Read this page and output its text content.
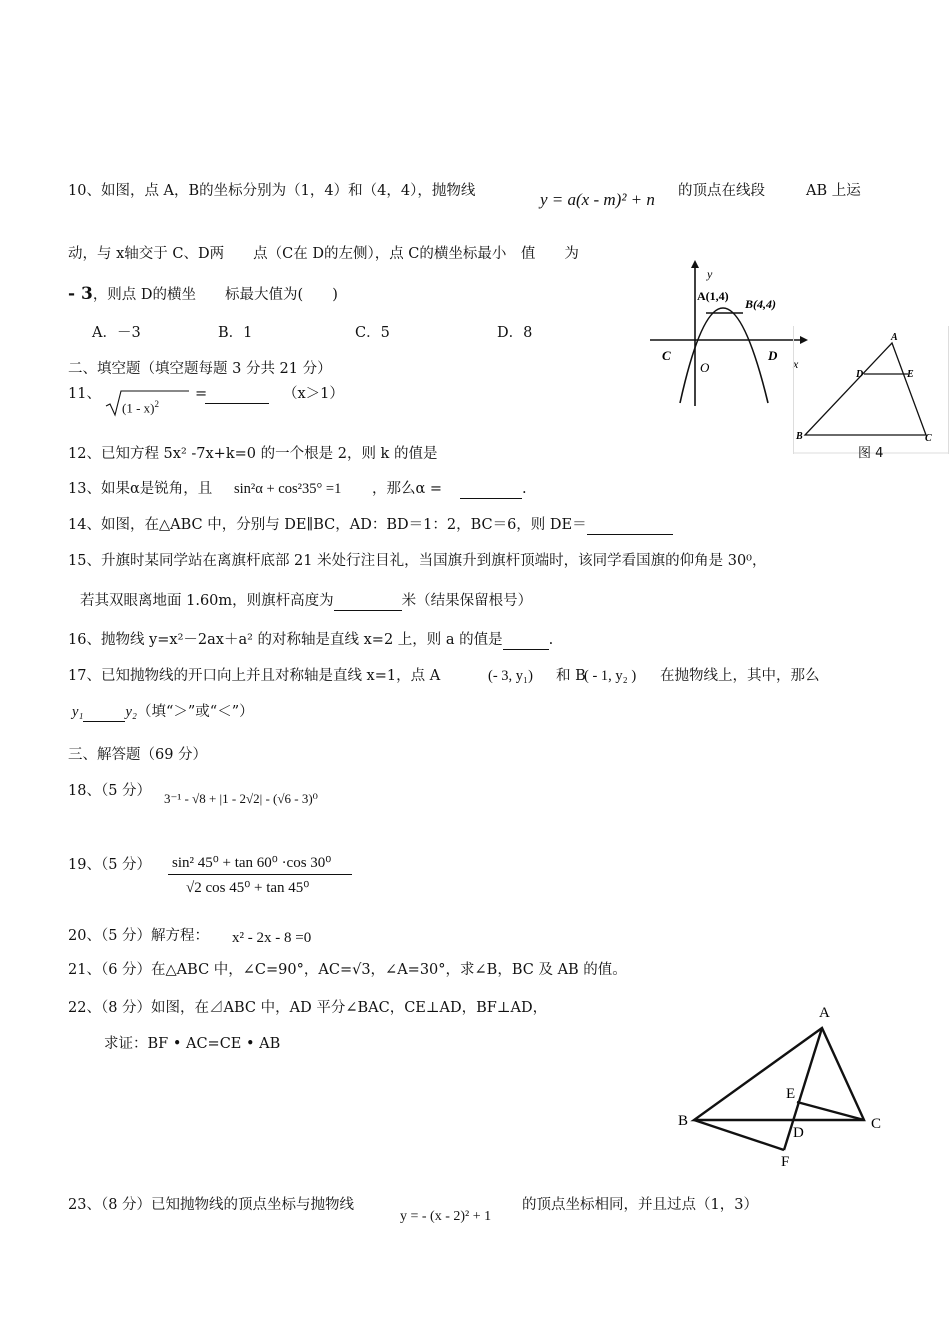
10、如图，点 A，B的坐标分别为（1，4）和（4，4），抛物线	y = a(x - m)² + n 的顶点在线段	AB 上运
动，与 x轴交于 C、D两　　点（C在 D的左侧），点 C的横坐标最小　值　　为
- 3，则点 D的横坐　　标最大值为(　　)
A．－3	B．1	C．5	D．8
y
A(1,4)
B(4,4)
C
O
D
x
A
D	E
B	C
图 4
二、填空题（填空题每题 3 分共 21 分）
11、
(1 - x)$^2$
=	（x＞1）
12、已知方程 5x² -7x+k=0 的一个根是 2，则 k 的值是
13、如果α是锐角，且 sin²α + cos²35° =1 ，那么α =	.
14、如图，在△ABC 中，分别与 DE∥BC，AD：BD＝1：2，BC＝6，则 DE＝
15、升旗时某同学站在离旗杆底部 21 米处行注目礼，当国旗升到旗杆顶端时，该同学看国旗的仰角是 30⁰，
若其双眼离地面 1.60m，则旗杆高度为	米（结果保留根号）
16、抛物线 y=x²－2ax＋a² 的对称轴是直线 x=2 上，则 a 的值是	.
17、已知抛物线的开口向上并且对称轴是直线 x=1，点 A	(- 3, y₁) 和 B
( - 1, y₂ ) 在抛物线上，其中，那么
y₁	y₂（填“＞”或“＜”）
三、解答题（69 分）
18、（5 分） 3⁻¹ - √8 + |1 - 2√2| - (√6 - 3)⁰
19、（5 分） sin² 45⁰ + tan 60⁰ ·cos 30⁰
√2 cos 45⁰ + tan 45⁰
20、（5 分）解方程： x² - 2x - 8 =0
21、（6 分）在△ABC 中，∠C=90°，AC=√3，∠A=30°，求∠B，BC 及 AB 的值。
22、（8 分）如图，在⊿ABC 中，AD 平分∠BAC，CE⊥AD，BF⊥AD，
求证：BF • AC=CE • AB
A
E
B	C
D
F
23、（8 分）已知抛物线的顶点坐标与抛物线
y = - (x - 2)² + 1
的顶点坐标相同，并且过点（1，3）
